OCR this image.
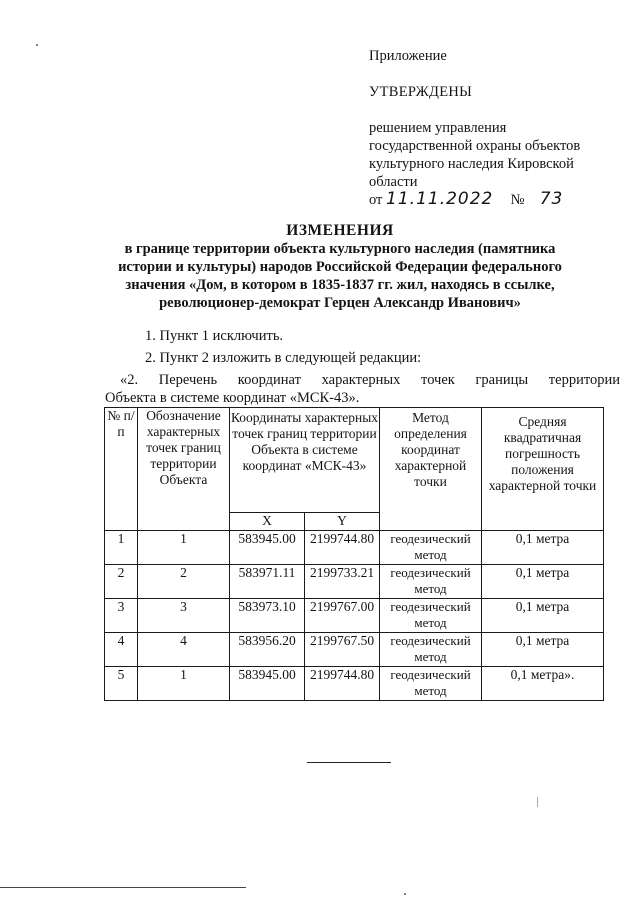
Приложение
УТВЕРЖДЕНЫ
решением управления
государственной охраны объектов
культурного наследия Кировской
области
от 11.11.2022 № 73
ИЗМЕНЕНИЯ
в границе территории объекта культурного наследия (памятника
истории и культуры) народов Российской Федерации федерального
значения «Дом, в котором в 1835-1837 гг. жил, находясь в ссылке,
революционер-демократ Герцен Александр Иванович»
1. Пункт 1 исключить.
2. Пункт 2 изложить в следующей редакции:
«2. Перечень координат характерных точек границы территории
Объекта в системе координат «МСК-43».
№ п/п	Обозначение характерных точек границ территории Объекта	Координаты характерных точек границ территории Объекта в системе координат «МСК-43»		Метод определения координат характерной точки	Средняя квадратичная погрешность положения характерной точки
		X	Y		
1	1	583945.00	2199744.80	геодезический метод	0,1 метра
2	2	583971.11	2199733.21	геодезический метод	0,1 метра
3	3	583973.10	2199767.00	геодезический метод	0,1 метра
4	4	583956.20	2199767.50	геодезический метод	0,1 метра
5	1	583945.00	2199744.80	геодезический метод	0,1 метра».
